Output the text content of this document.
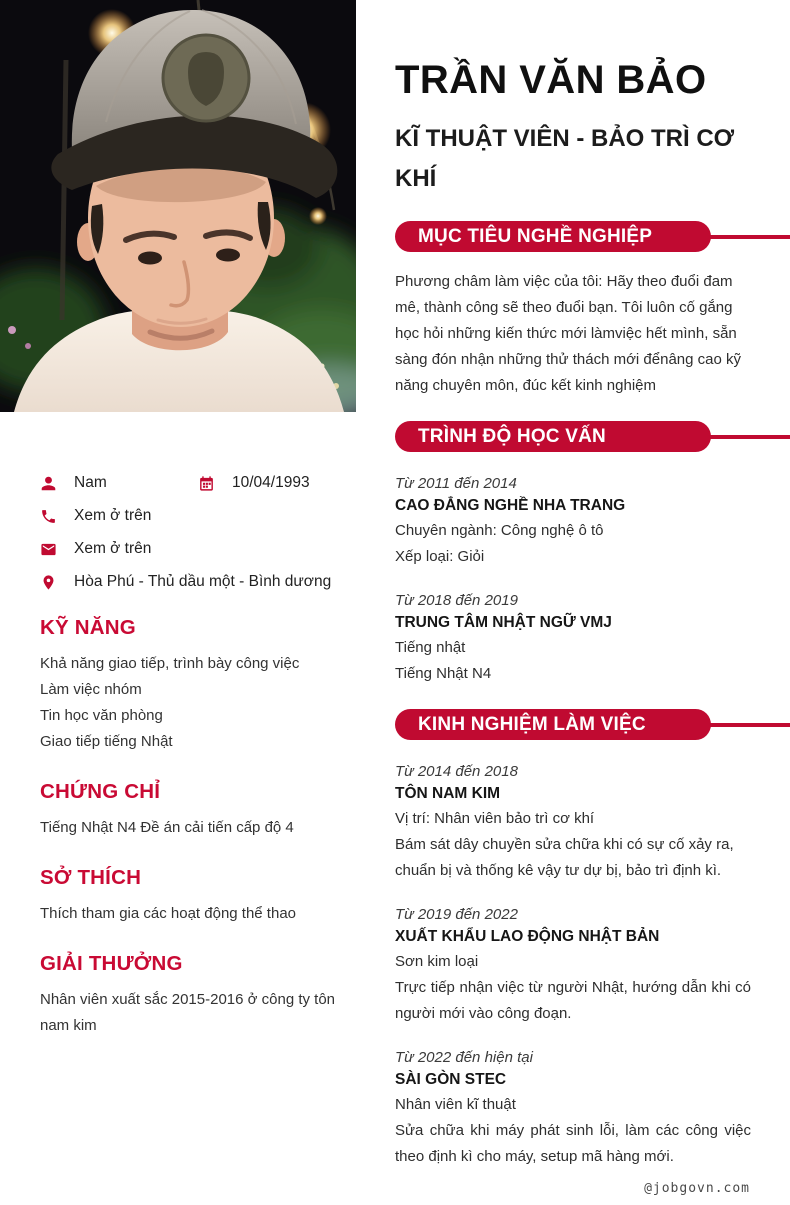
Nam	10/04/1993
Xem ở trên
Xem ở trên
Hòa Phú - Thủ dầu một - Bình dương
KỸ NĂNG
Khả năng giao tiếp, trình bày công việc
Làm việc nhóm
Tin học văn phòng
Giao tiếp tiếng Nhật
CHỨNG CHỈ
Tiếng Nhật N4 Đề án cải tiến cấp độ 4
SỞ THÍCH
Thích tham gia các hoạt động thể thao
GIẢI THƯỞNG
Nhân viên xuất sắc 2015-2016 ở công ty tôn nam kim
TRẦN VĂN BẢO
KĨ THUẬT VIÊN - BẢO TRÌ CƠ KHÍ
MỤC TIÊU NGHỀ NGHIỆP

Phương châm làm việc của tôi: Hãy theo đuổi đam mê, thành công sẽ theo đuổi bạn. Tôi luôn cố gắng học hỏi những kiến thức mới làmviệc hết mình, sẵn sàng đón nhận những thử thách mới đểnâng cao kỹ năng chuyên môn, đúc kết kinh nghiệm

TRÌNH ĐỘ HỌC VẤN
Từ 2011 đến 2014
CAO ĐẲNG NGHỀ NHA TRANG
Chuyên ngành: Công nghệ ô tô
Xếp loại: Giỏi
Từ 2018 đến 2019
TRUNG TÂM NHẬT NGỮ VMJ
Tiếng nhật
Tiếng Nhật N4
KINH NGHIỆM LÀM VIỆC
Từ 2014 đến 2018
TÔN NAM KIM
Vị trí: Nhân viên bảo trì cơ khí
Bám sát dây chuyền sửa chữa khi có sự cố xảy ra, chuẩn bị và thống kê vậy tư dự bị, bảo trì định kì.
Từ 2019 đến 2022
XUẤT KHẨU LAO ĐỘNG NHẬT BẢN
Sơn kim loại
Trực tiếp nhận việc từ người Nhật, hướng dẫn khi có người mới vào công đoạn.
Từ 2022 đến hiện tại
SÀI GÒN STEC
Nhân viên kĩ thuật
Sửa chữa khi máy phát sinh lỗi, làm các công việc theo định kì cho máy, setup mã hàng mới.
@jobgovn.com
